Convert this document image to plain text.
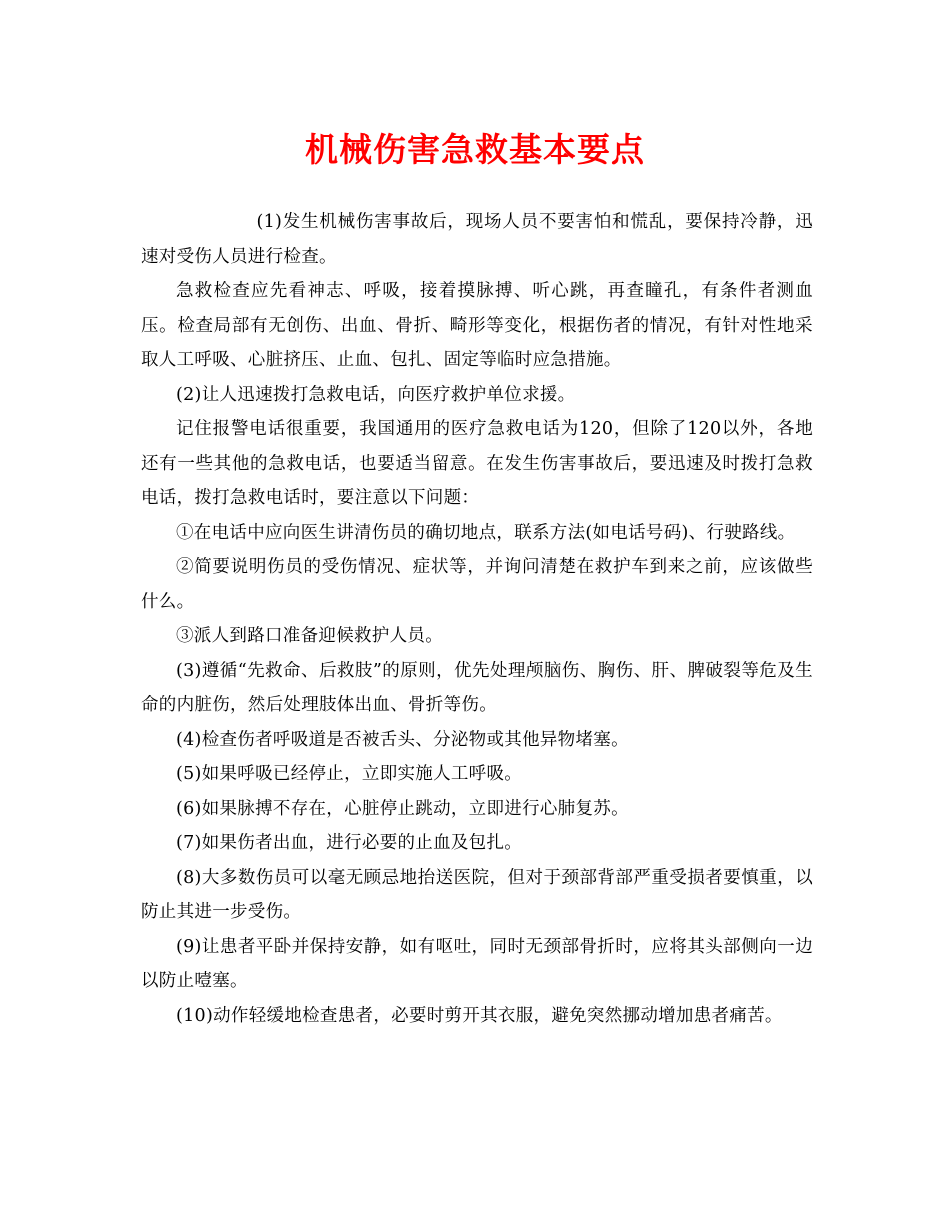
机械伤害急救基本要点

(1)发生机械伤害事故后，现场人员不要害怕和慌乱，要保持冷静，迅速对受伤人员进行检查。

急救检查应先看神志、呼吸，接着摸脉搏、听心跳，再查瞳孔，有条件者测血压。检查局部有无创伤、出血、骨折、畸形等变化，根据伤者的情况，有针对性地采取人工呼吸、心脏挤压、止血、包扎、固定等临时应急措施。

(2)让人迅速拨打急救电话，向医疗救护单位求援。

记住报警电话很重要，我国通用的医疗急救电话为120，但除了120以外，各地还有一些其他的急救电话，也要适当留意。在发生伤害事故后，要迅速及时拨打急救电话，拨打急救电话时，要注意以下问题：

①在电话中应向医生讲清伤员的确切地点，联系方法(如电话号码)、行驶路线。

②简要说明伤员的受伤情况、症状等，并询问清楚在救护车到来之前，应该做些什么。

③派人到路口准备迎候救护人员。

(3)遵循“先救命、后救肢”的原则，优先处理颅脑伤、胸伤、肝、脾破裂等危及生命的内脏伤，然后处理肢体出血、骨折等伤。

(4)检查伤者呼吸道是否被舌头、分泌物或其他异物堵塞。

(5)如果呼吸已经停止，立即实施人工呼吸。

(6)如果脉搏不存在，心脏停止跳动，立即进行心肺复苏。

(7)如果伤者出血，进行必要的止血及包扎。

(8)大多数伤员可以毫无顾忌地抬送医院，但对于颈部背部严重受损者要慎重，以防止其进一步受伤。

(9)让患者平卧并保持安静，如有呕吐，同时无颈部骨折时，应将其头部侧向一边以防止噎塞。

(10)动作轻缓地检查患者，必要时剪开其衣服，避免突然挪动增加患者痛苦。
